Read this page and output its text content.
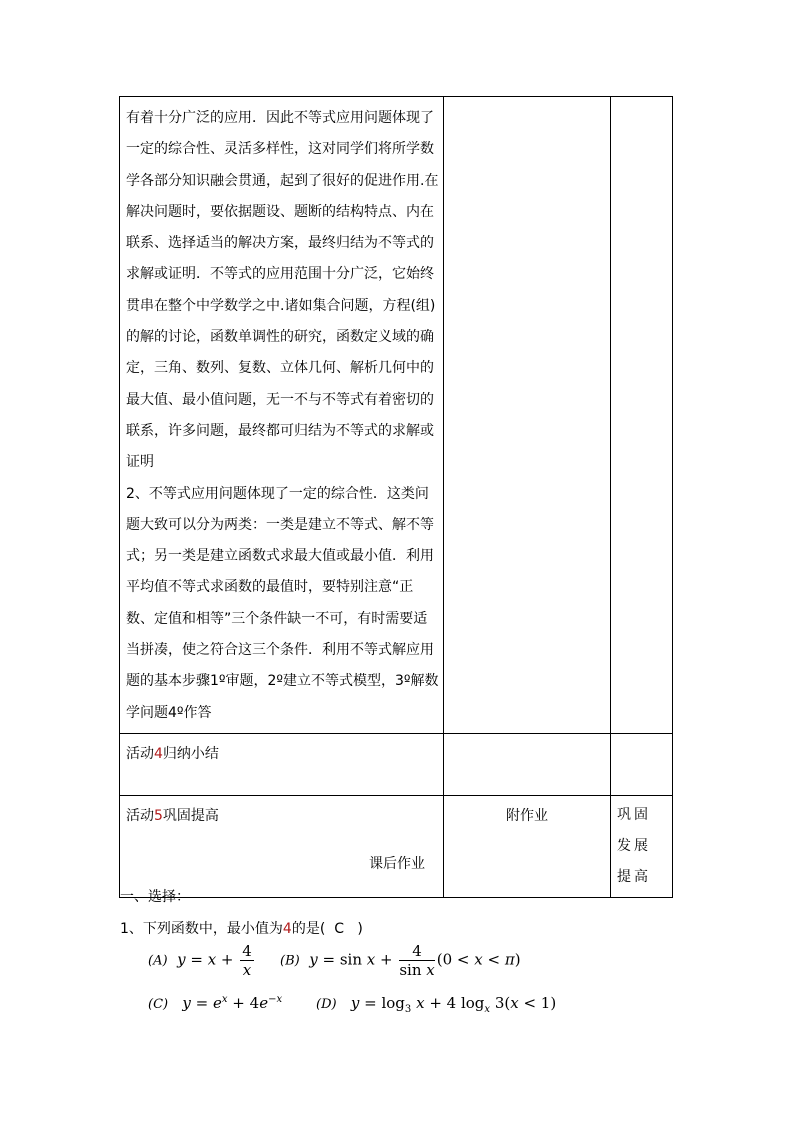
有着十分广泛的应用．因此不等式应用问题体现了一定的综合性、灵活多样性，这对同学们将所学数学各部分知识融会贯通，起到了很好的促进作用.在解决问题时，要依据题设、题断的结构特点、内在联系、选择适当的解决方案，最终归结为不等式的求解或证明．不等式的应用范围十分广泛，它始终贯串在整个中学数学之中.诸如集合问题，方程(组)的解的讨论，函数单调性的研究，函数定义域的确定，三角、数列、复数、立体几何、解析几何中的最大值、最小值问题，无一不与不等式有着密切的联系，许多问题，最终都可归结为不等式的求解或证明

2、不等式应用问题体现了一定的综合性．这类问题大致可以分为两类：一类是建立不等式、解不等式；另一类是建立函数式求最大值或最小值．利用平均值不等式求函数的最值时，要特别注意“正数、定值和相等”三个条件缺一不可，有时需要适当拼凑，使之符合这三个条件．利用不等式解应用题的基本步骤1º审题，2º建立不等式模型，3º解数学问题4º作答		

活动4归纳小结		

活动5巩固提高	附作业	巩固发展提高
课后作业
一、选择：
1、下列函数中，最小值为4的是( C )
(A)  $y = x + \frac{4}{x} (B) y = \sin x + \frac{4}{\text{sin x}} (0 < x < \pi)$
(C) $y = e^x + 4e^{-x}$	(D) $y = \log_3 x + 4$ $\log_x 3(x < 1)$
